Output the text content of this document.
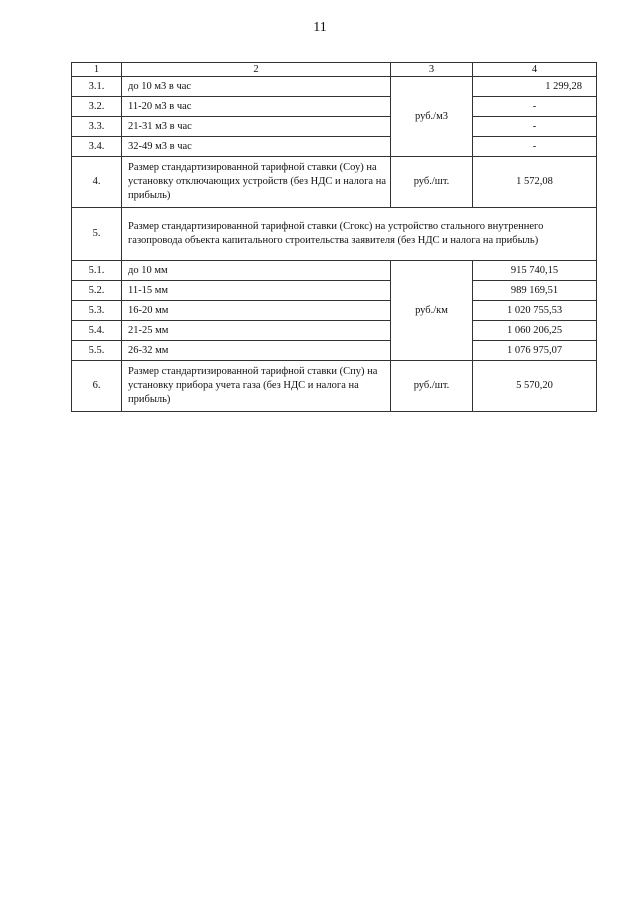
11
1	2	3	4
3.1.	до 10 м3 в час	руб./м3	1 299,28
3.2.	11-20 м3 в час		-
3.3.	21-31 м3 в час		-
3.4.	32-49 м3 в час		-
4.	Размер стандартизированной тарифной ставки (Соу) на установку отключающих устройств (без НДС и налога на прибыль)	руб./шт.	1 572,08
5.	Размер стандартизированной тарифной ставки (Сгокс) на устройство стального внутреннего газопровода объекта капитального строительства заявителя (без НДС и налога на прибыль)		
5.1.	до 10 мм	руб./км	915 740,15
5.2.	11-15 мм		989 169,51
5.3.	16-20 мм		1 020 755,53
5.4.	21-25 мм		1 060 206,25
5.5.	26-32 мм		1 076 975,07
6.	Размер стандартизированной тарифной ставки (Спу) на установку прибора учета газа (без НДС и налога на прибыль)	руб./шт.	5 570,20
